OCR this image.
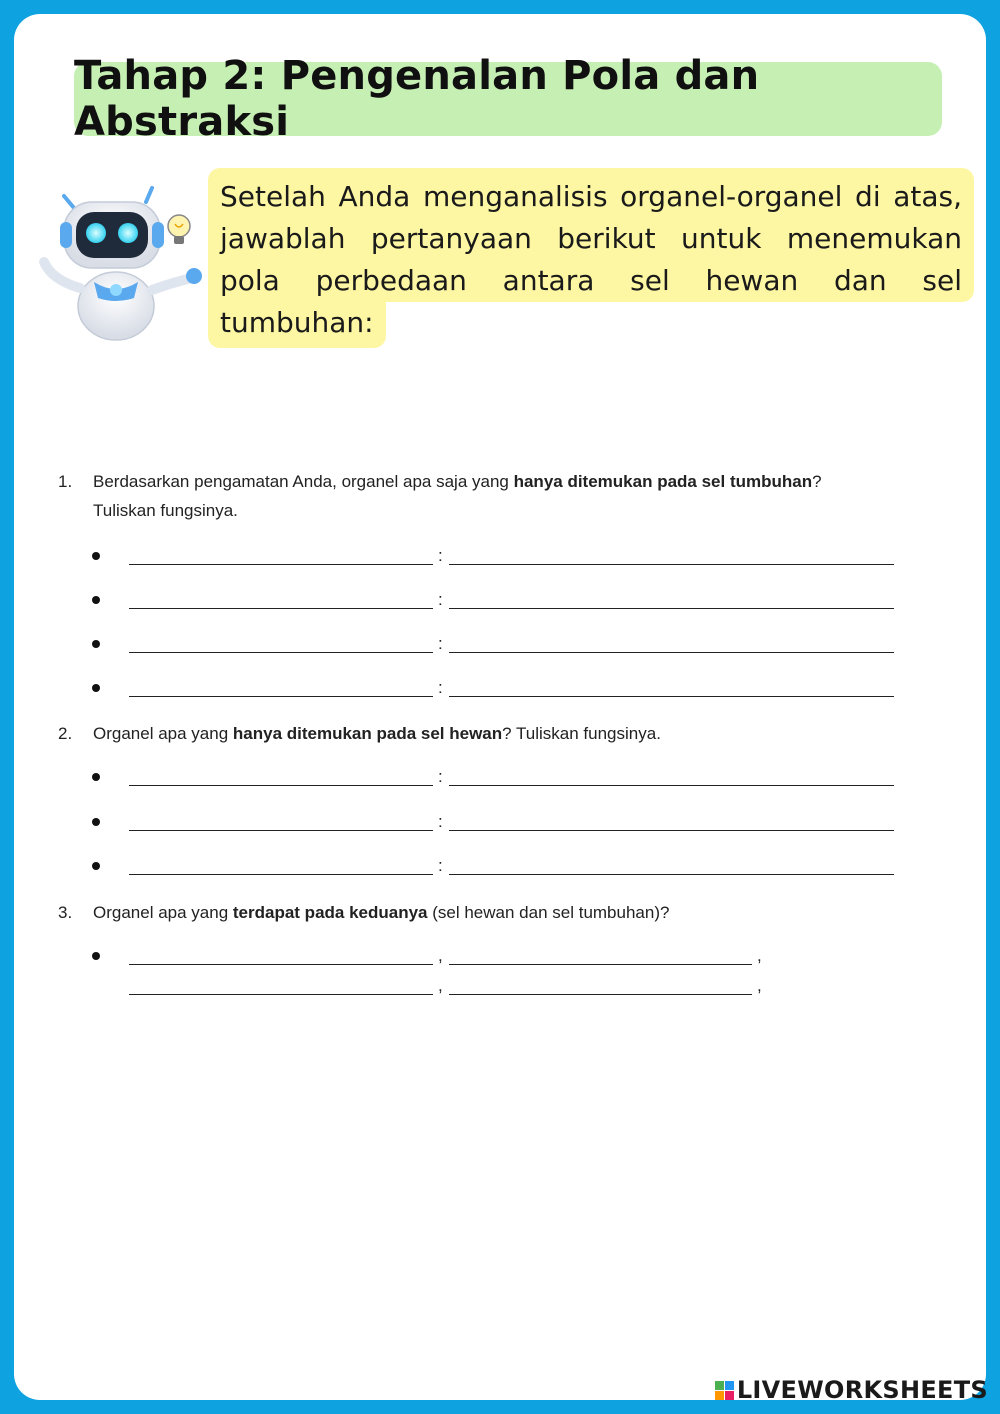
Tahap 2: Pengenalan Pola dan Abstraksi
Setelah Anda menganalisis organel-organel di atas,
jawablah pertanyaan berikut untuk menemukan
pola perbedaan antara sel hewan dan sel
tumbuhan:
1.	Berdasarkan pengamatan Anda, organel apa saja yang hanya ditemukan pada sel tumbuhan?
Tuliskan fungsinya.
:
:
:
:
2.	Organel apa yang hanya ditemukan pada sel hewan? Tuliskan fungsinya.
:
:
:
3.	Organel apa yang terdapat pada keduanya (sel hewan dan sel tumbuhan)?
,	,
,	,
LIVEWORKSHEETS
